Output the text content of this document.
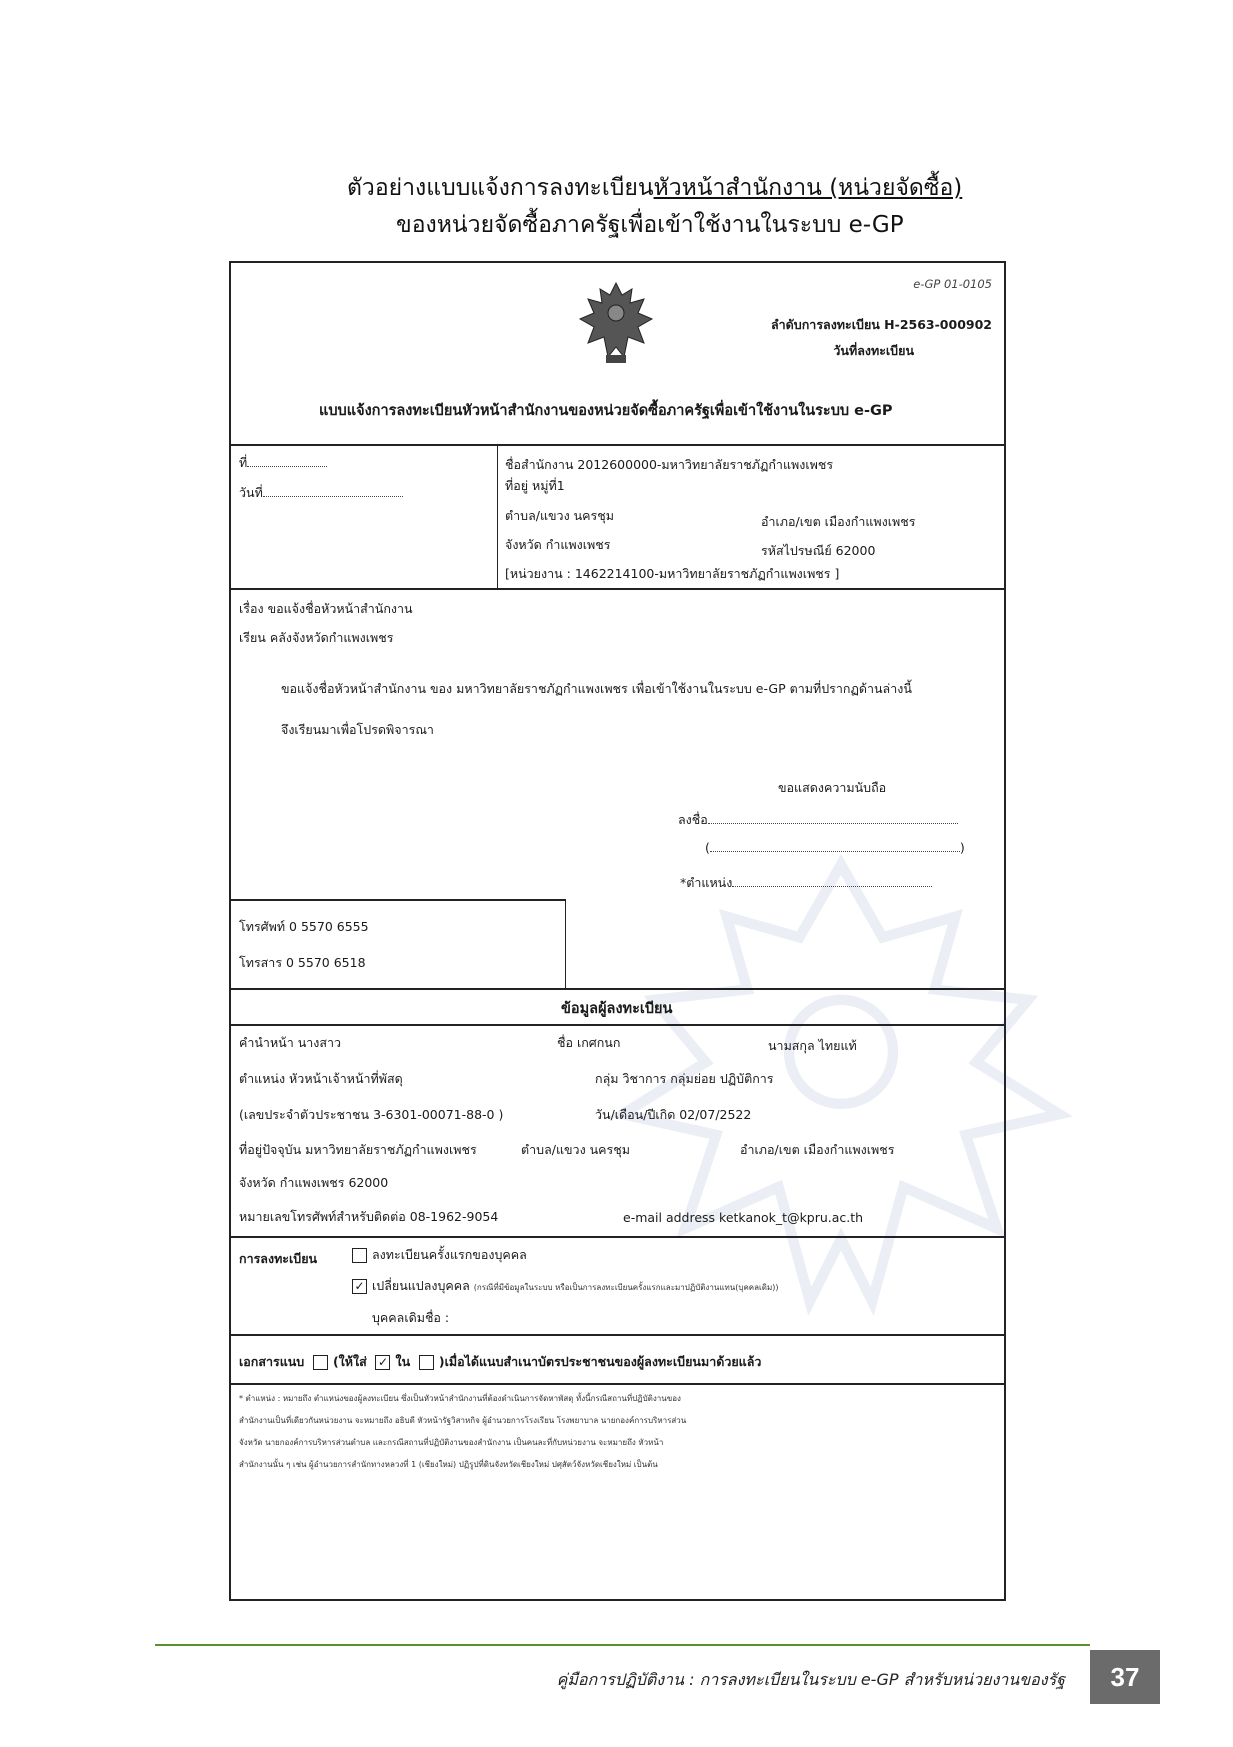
ตัวอย่างแบบแจ้งการลงทะเบียนหัวหน้าสำนักงาน (หน่วยจัดซื้อ)
ของหน่วยจัดซื้อภาครัฐเพื่อเข้าใช้งานในระบบ e-GP
e-GP 01-0105
ลำดับการลงทะเบียน H-2563-000902
วันที่ลงทะเบียน
แบบแจ้งการลงทะเบียนหัวหน้าสำนักงานของหน่วยจัดซื้อภาครัฐเพื่อเข้าใช้งานในระบบ e-GP
ที่
วันที่
ชื่อสำนักงาน 2012600000-มหาวิทยาลัยราชภัฏกำแพงเพชร
ที่อยู่ หมู่ที่1
ตำบล/แขวง นครชุม	อำเภอ/เขต เมืองกำแพงเพชร
จังหวัด กำแพงเพชร	รหัสไปรษณีย์ 62000
[หน่วยงาน : 1462214100-มหาวิทยาลัยราชภัฏกำแพงเพชร ]
เรื่อง ขอแจ้งชื่อหัวหน้าสำนักงาน
เรียน คลังจังหวัดกำแพงเพชร
ขอแจ้งชื่อหัวหน้าสำนักงาน ของ มหาวิทยาลัยราชภัฏกำแพงเพชร เพื่อเข้าใช้งานในระบบ e-GP ตามที่ปรากฏด้านล่างนี้
จึงเรียนมาเพื่อโปรดพิจารณา
ขอแสดงความนับถือ
ลงชื่อ
(	)
*ตำแหน่ง
โทรศัพท์ 0 5570 6555
โทรสาร 0 5570 6518
ข้อมูลผู้ลงทะเบียน
คำนำหน้า นางสาว	ชื่อ เกศกนก	นามสกุล ไทยแท้
ตำแหน่ง หัวหน้าเจ้าหน้าที่พัสดุ	กลุ่ม วิชาการ กลุ่มย่อย ปฏิบัติการ
(เลขประจำตัวประชาชน 3-6301-00071-88-0 )	วัน/เดือน/ปีเกิด 02/07/2522
ที่อยู่ปัจจุบัน มหาวิทยาลัยราชภัฏกำแพงเพชร	ตำบล/แขวง นครชุม	อำเภอ/เขต เมืองกำแพงเพชร
จังหวัด กำแพงเพชร 62000
หมายเลขโทรศัพท์สำหรับติดต่อ 08-1962-9054	e-mail address ketkanok_t@kpru.ac.th
การลงทะเบียน	ลงทะเบียนครั้งแรกของบุคคล
✓ เปลี่ยนแปลงบุคคล (กรณีที่มีข้อมูลในระบบ หรือเป็นการลงทะเบียนครั้งแรกและมาปฏิบัติงานแทน(บุคคลเดิม))
บุคคลเดิมชื่อ :
เอกสารแนบ (ให้ใส่ ✓ ใน )เมื่อได้แนบสำเนาบัตรประชาชนของผู้ลงทะเบียนมาด้วยแล้ว
* ตำแหน่ง : หมายถึง ตำแหน่งของผู้ลงทะเบียน ซึ่งเป็นหัวหน้าสำนักงานที่ต้องดำเนินการจัดหาพัสดุ ทั้งนี้กรณีสถานที่ปฏิบัติงานของ
สำนักงานเป็นที่เดียวกันหน่วยงาน จะหมายถึง อธิบดี หัวหน้ารัฐวิสาหกิจ ผู้อำนวยการโรงเรียน โรงพยาบาล นายกองค์การบริหารส่วน
จังหวัด นายกองค์การบริหารส่วนตำบล และกรณีสถานที่ปฏิบัติงานของสำนักงาน เป็นคนละที่กับหน่วยงาน จะหมายถึง หัวหน้า
สำนักงานนั้น ๆ เช่น ผู้อำนวยการสำนักทางหลวงที่ 1 (เชียงใหม่) ปฏิรูปที่ดินจังหวัดเชียงใหม่ ปศุสัตว์จังหวัดเชียงใหม่ เป็นต้น
คู่มือการปฏิบัติงาน : การลงทะเบียนในระบบ e-GP สำหรับหน่วยงานของรัฐ	37
